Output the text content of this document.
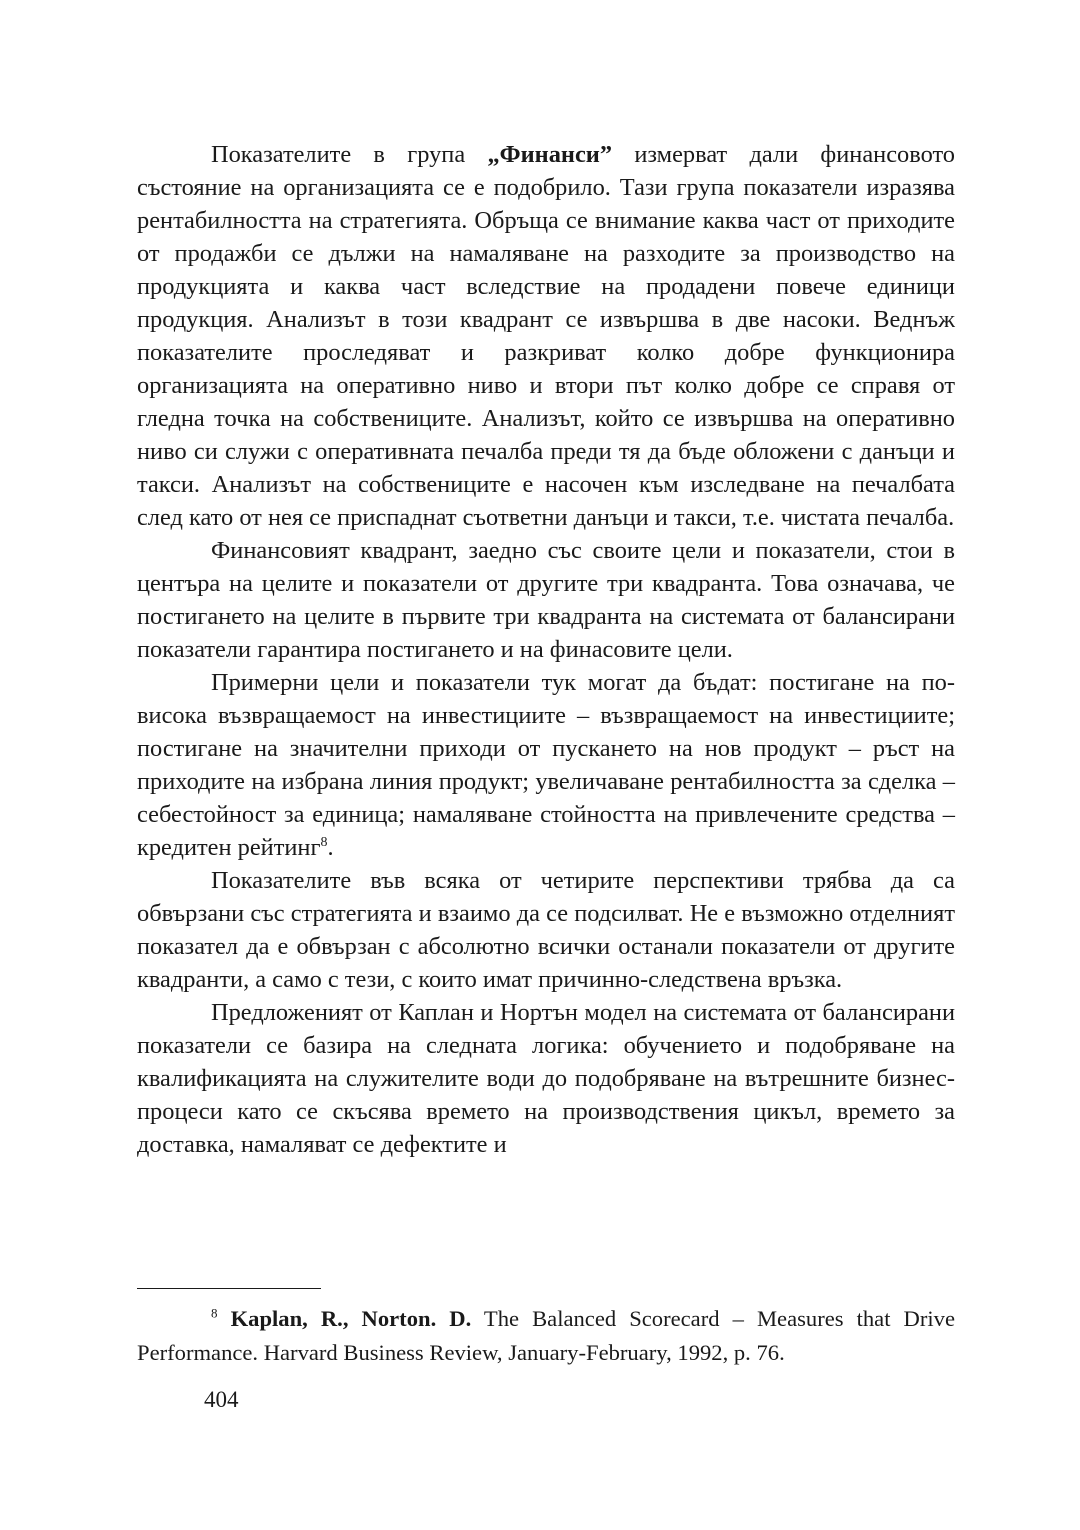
Показателите в група „Финанси” измерват дали финансовото състояние на организацията се е подобрило. Тази група показатели изразява рентабилността на стратегията. Обръща се внимание каква част от приходите от продажби се дължи на намаляване на разходите за производство на продукцията и каква част вследствие на продадени повече единици продукция. Анализът в този квадрант се извършва в две насоки. Веднъж показателите проследяват и разкриват колко добре функционира организацията на оперативно ниво и втори път колко добре се справя от гледна точка на собствениците. Анализът, който се извършва на оперативно ниво си служи с оперативната печалба преди тя да бъде обложени с данъци и такси. Анализът на собствениците е насочен към изследване на печалбата след като от нея се приспаднат съответни данъци и такси, т.е. чистата печалба.

Финансовият квадрант, заедно със своите цели и показатели, стои в центъра на целите и показатели от другите три квадранта. Това означава, че постигането на целите в първите три квадранта на системата от балансирани показатели гарантира постигането и на финасовите цели.

Примерни цели и показатели тук могат да бъдат: постигане на по-висока възвращаемост на инвестициите – възвращаемост на инвестициите; постигане на значителни приходи от пускането на нов продукт – ръст на приходите на избрана линия продукт; увеличаване рентабилността за сделка – себестойност за единица; намаляване стойността на привлечените средства – кредитен рейтинг$^8$.

Показателите във всяка от четирите перспективи трябва да са обвързани със стратегията и взаимо да се подсилват. Не е възможно отделният показател да е обвързан с абсолютно всички останали показатели от другите квадранти, а само с тези, с които имат причинно-следствена връзка.

Предложеният от Каплан и Нортън модел на системата от балансирани показатели се базира на следната логика: обучението и подобряване на квалификацията на служителите води до подобряване на вътрешните бизнес-процеси като се скъсява времето на производствения цикъл, времето за доставка, намаляват се дефектите и

$^8$ Kaplan, R., Norton. D. The Balanced Scorecard – Measures that Drive Performance. Harvard Business Review, January-February, 1992, p. 76.

404
